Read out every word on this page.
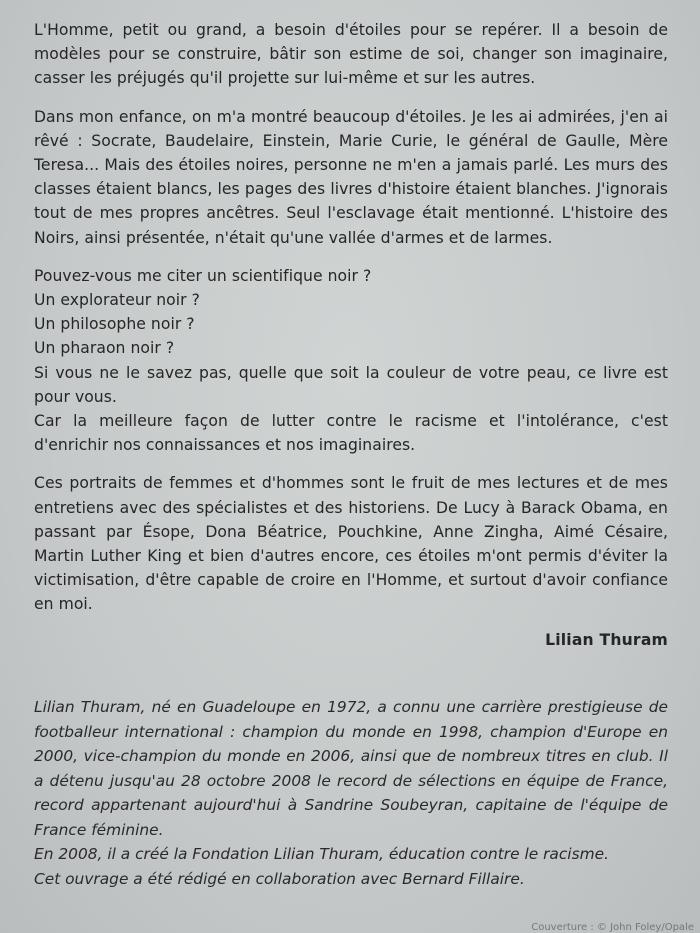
L'Homme, petit ou grand, a besoin d'étoiles pour se repérer. Il a besoin de modèles pour se construire, bâtir son estime de soi, changer son imaginaire, casser les préjugés qu'il projette sur lui-même et sur les autres.

Dans mon enfance, on m'a montré beaucoup d'étoiles. Je les ai admirées, j'en ai rêvé : Socrate, Baudelaire, Einstein, Marie Curie, le général de Gaulle, Mère Teresa... Mais des étoiles noires, personne ne m'en a jamais parlé. Les murs des classes étaient blancs, les pages des livres d'histoire étaient blanches. J'ignorais tout de mes propres ancêtres. Seul l'esclavage était mentionné. L'histoire des Noirs, ainsi présentée, n'était qu'une vallée d'armes et de larmes.

Pouvez-vous me citer un scientifique noir ?
Un explorateur noir ?
Un philosophe noir ?
Un pharaon noir ?
Si vous ne le savez pas, quelle que soit la couleur de votre peau, ce livre est pour vous.
Car la meilleure façon de lutter contre le racisme et l'intolérance, c'est d'enrichir nos connaissances et nos imaginaires.

Ces portraits de femmes et d'hommes sont le fruit de mes lectures et de mes entretiens avec des spécialistes et des historiens. De Lucy à Barack Obama, en passant par Ésope, Dona Béatrice, Pouchkine, Anne Zingha, Aimé Césaire, Martin Luther King et bien d'autres encore, ces étoiles m'ont permis d'éviter la victimisation, d'être capable de croire en l'Homme, et surtout d'avoir confiance en moi.

Lilian Thuram
Lilian Thuram, né en Guadeloupe en 1972, a connu une carrière prestigieuse de footballeur international : champion du monde en 1998, champion d'Europe en 2000, vice-champion du monde en 2006, ainsi que de nombreux titres en club. Il a détenu jusqu'au 28 octobre 2008 le record de sélections en équipe de France, record appartenant aujourd'hui à Sandrine Soubeyran, capitaine de l'équipe de France féminine.
En 2008, il a créé la Fondation Lilian Thuram, éducation contre le racisme.
Cet ouvrage a été rédigé en collaboration avec Bernard Fillaire.
Couverture : © John Foley/Opale
